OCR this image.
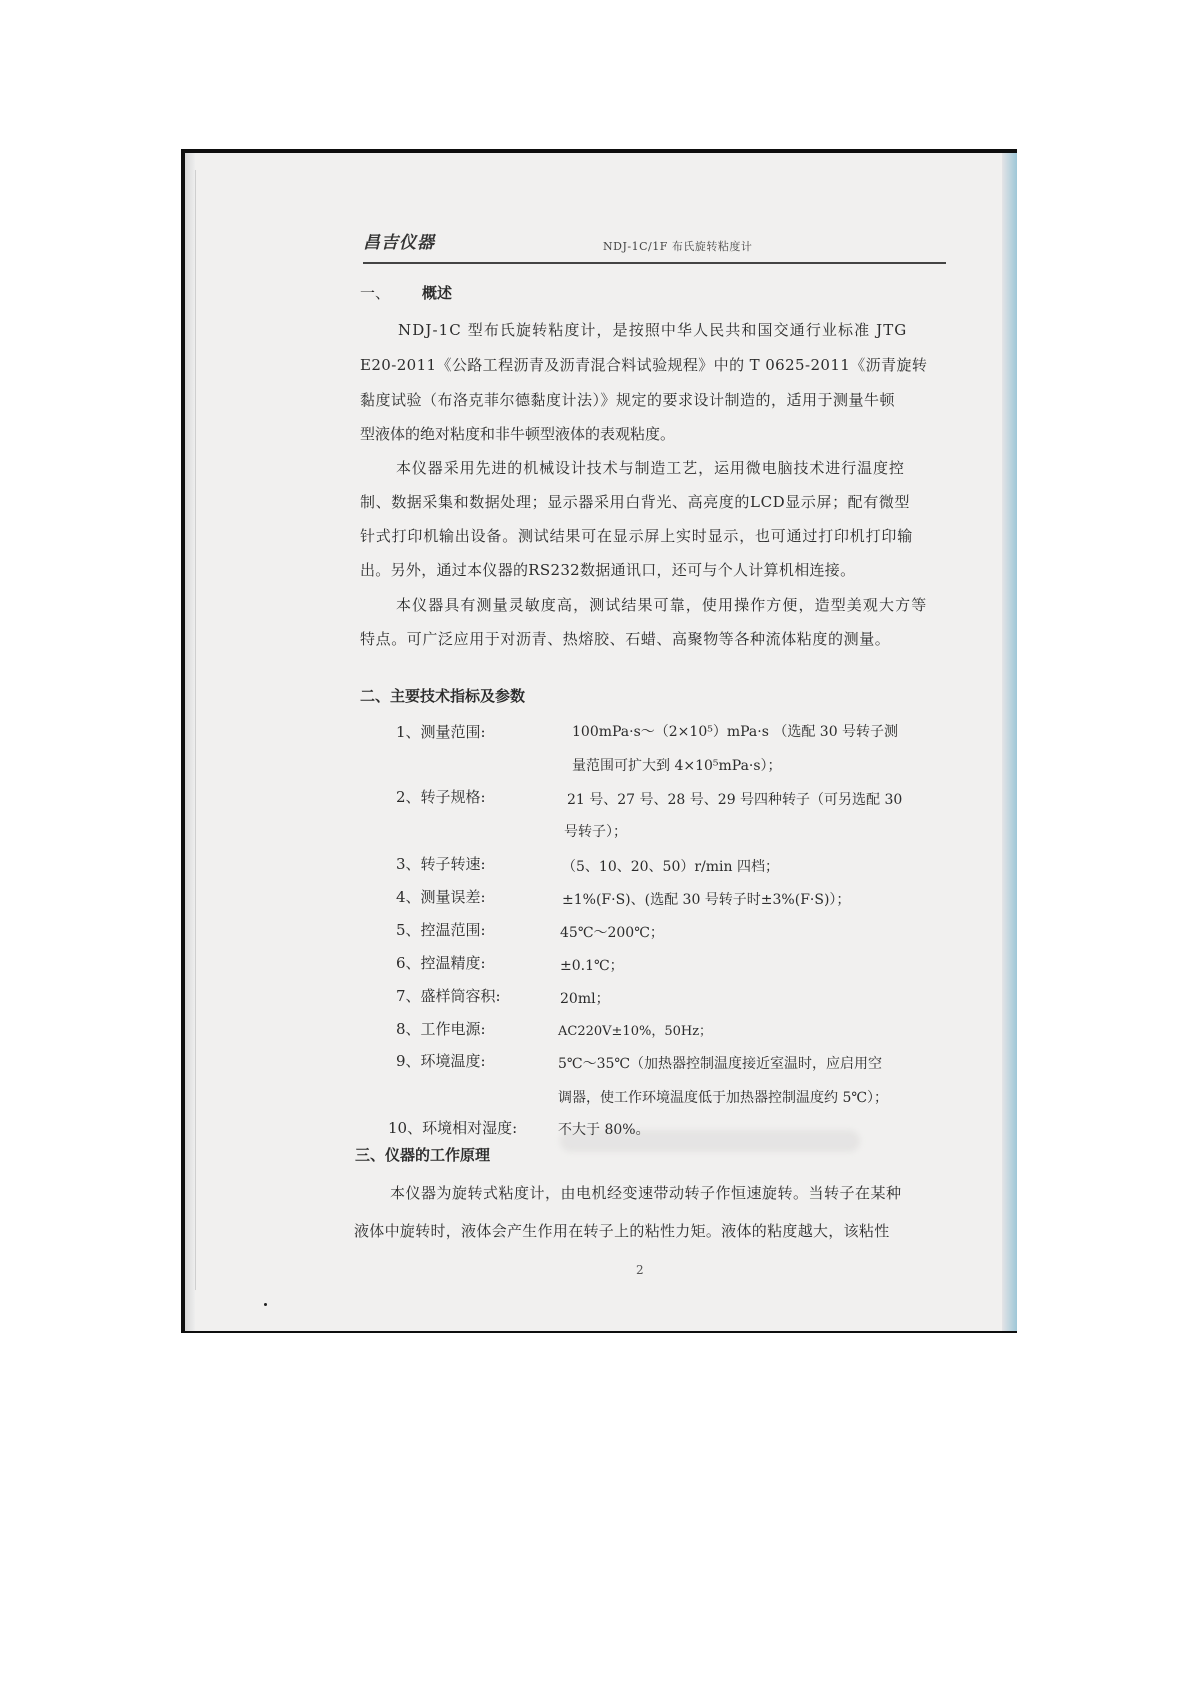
昌吉仪器	NDJ-1C/1F 布氏旋转粘度计
一、 概述
NDJ-1C 型布氏旋转粘度计，是按照中华人民共和国交通行业标准 JTG
E20-2011《公路工程沥青及沥青混合料试验规程》中的 T 0625-2011《沥青旋转
黏度试验（布洛克菲尔德黏度计法）》规定的要求设计制造的，适用于测量牛顿
型液体的绝对粘度和非牛顿型液体的表观粘度。
本仪器采用先进的机械设计技术与制造工艺，运用微电脑技术进行温度控
制、数据采集和数据处理；显示器采用白背光、高亮度的LCD显示屏；配有微型
针式打印机输出设备。测试结果可在显示屏上实时显示，也可通过打印机打印输
出。另外，通过本仪器的RS232数据通讯口，还可与个人计算机相连接。
本仪器具有测量灵敏度高，测试结果可靠，使用操作方便，造型美观大方等
特点。可广泛应用于对沥青、热熔胶、石蜡、高聚物等各种流体粘度的测量。
二、主要技术指标及参数
1、测量范围:	100mPa·s～（2×10⁵）mPa·s （选配 30 号转子测
量范围可扩大到 4×10⁵mPa·s）；
2、转子规格:	21 号、27 号、28 号、29 号四种转子（可另选配 30
号转子）；
3、转子转速:	（5、10、20、50）r/min 四档；
4、测量误差:	±1%(F·S)、(选配 30 号转子时±3%(F·S)）；
5、控温范围:	45℃～200℃；
6、控温精度:	±0.1℃；
7、盛样筒容积:	20ml；
8、工作电源:	AC220V±10%，50Hz；
9、环境温度:	5℃～35℃（加热器控制温度接近室温时，应启用空
调器，使工作环境温度低于加热器控制温度约 5℃）；
10、环境相对湿度:	不大于 80%。
三、仪器的工作原理
本仪器为旋转式粘度计，由电机经变速带动转子作恒速旋转。当转子在某种
液体中旋转时，液体会产生作用在转子上的粘性力矩。液体的粘度越大，该粘性
2
